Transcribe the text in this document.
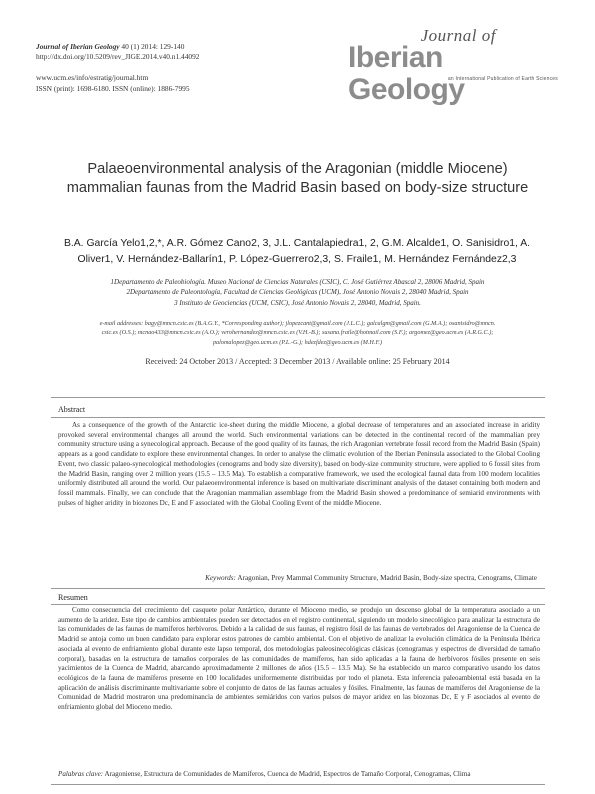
Journal of Iberian Geology 40 (1) 2014: 129-140
http://dx.doi.org/10.5209/rev_JIGE.2014.v40.n1.44092
www.ucm.es/info/estratig/journal.htm
ISSN (print): 1698-6180. ISSN (online): 1886-7995
Journal of
Iberian Geology
an International Publication of Earth Sciences
Palaeoenvironmental analysis of the Aragonian (middle Miocene) mammalian faunas from the Madrid Basin based on body-size structure
B.A. García Yelo1,2,*, A.R. Gómez Cano2, 3, J.L. Cantalapiedra1, 2, G.M. Alcalde1, O. Sanisidro1, A.
Oliver1, V. Hernández-Ballarín1, P. López-Guerrero2,3, S. Fraile1, M. Hernández Fernández2,3
1Departamento de Paleobiología. Museo Nacional de Ciencias Naturales (CSIC), C. José Gutiérrez Abascal 2, 28006 Madrid, Spain
2Departamento de Paleontología, Facultad de Ciencias Geológicas (UCM), José Antonio Novais 2, 28040 Madrid, Spain
3 Instituto de Geociencias (UCM, CSIC), José Antonio Novais 2, 28040, Madrid, Spain.
e-mail addresses: bagy@mncn.csic.es (B.A.G.Y., *Corresponding author); jlopezcant@gmail.com (J.L.C.); galcalgm@gmail.com (G.M.A.); osanisidro@mncn.
csic.es (O.S.); mcnao433@mncn.csic.es (A.O.); verohernandez@mncn.csic.es (V.H.-B.); susana.fraile@hotmail.com (S.F.); argomez@geo.ucm.es (A.R.G.C.);
palomalopez@geo.ucm.es (P.L.-G.); hdezfdez@geo.ucm.es (M.H.F.)
Received: 24 October 2013 / Accepted: 3 December 2013 / Available online: 25 February 2014
Abstract

As a consequence of the growth of the Antarctic ice-sheet during the middle Miocene, a global decrease of temperatures and an associated increase in aridity provoked several environmental changes all around the world. Such environmental variations can be detected in the continental record of the mammalian prey community structure using a synecological approach. Because of the good quality of its faunas, the rich Aragonian vertebrate fossil record from the Madrid Basin (Spain) appears as a good candidate to explore these environmental changes. In order to analyse the climatic evolution of the Iberian Peninsula associated to the Global Cooling Event, two classic palaeo-synecological methodologies (cenograms and body size diversity), based on body-size community structure, were applied to 6 fossil sites from the Madrid Basin, ranging over 2 million years (15.5 – 13.5 Ma). To establish a comparative framework, we used the ecological faunal data from 100 modern localities uniformly distributed all around the world. Our palaeoenvironmental inference is based on multivariate discriminant analysis of the dataset containing both modern and fossil mammals. Finally, we can conclude that the Aragonian mammalian assemblage from the Madrid Basin showed a predominance of semiarid environments with pulses of higher aridity in biozones Dc, E and F associated with the Global Cooling Event of the middle Miocene.

Keywords: Aragonian, Prey Mammal Community Structure, Madrid Basin, Body-size spectra, Cenograms, Climate
Resumen

Como consecuencia del crecimiento del casquete polar Antártico, durante el Mioceno medio, se produjo un descenso global de la temperatura asociado a un aumento de la aridez. Este tipo de cambios ambientales pueden ser detectados en el registro continental, siguiendo un modelo sinecológico para analizar la estructura de las comunidades de las faunas de mamíferos herbívoros. Debido a la calidad de sus faunas, el registro fósil de las faunas de vertebrados del Aragoniense de la Cuenca de Madrid se antoja como un buen candidato para explorar estos patrones de cambio ambiental. Con el objetivo de analizar la evolución climática de la Península Ibérica asociada al evento de enfriamiento global durante este lapso temporal, dos metodologías paleosinecológicas clásicas (cenogramas y espectros de diversidad de tamaño corporal), basadas en la estructura de tamaños corporales de las comunidades de mamíferos, han sido aplicadas a la fauna de herbívoros fósiles presente en seis yacimientos de la Cuenca de Madrid, abarcando aproximadamente 2 millones de años (15.5 – 13.5 Ma). Se ha establecido un marco comparativo usando los datos ecológicos de la fauna de mamíferos presente en 100 localidades uniformemente distribuidas por todo el planeta. Esta inferencia paleoambiental está basada en la aplicación de análisis discriminante multivariante sobre el conjunto de datos de las faunas actuales y fósiles. Finalmente, las faunas de mamíferos del Aragoniense de la Comunidad de Madrid mostraron una predominancia de ambientes semiáridos con varios pulsos de mayor aridez en las biozonas Dc, E y F asociados al evento de enfriamiento global del Mioceno medio.

Palabras clave: Aragoniense, Estructura de Comunidades de Mamíferos, Cuenca de Madrid, Espectros de Tamaño Corporal, Cenogramas, Clima
